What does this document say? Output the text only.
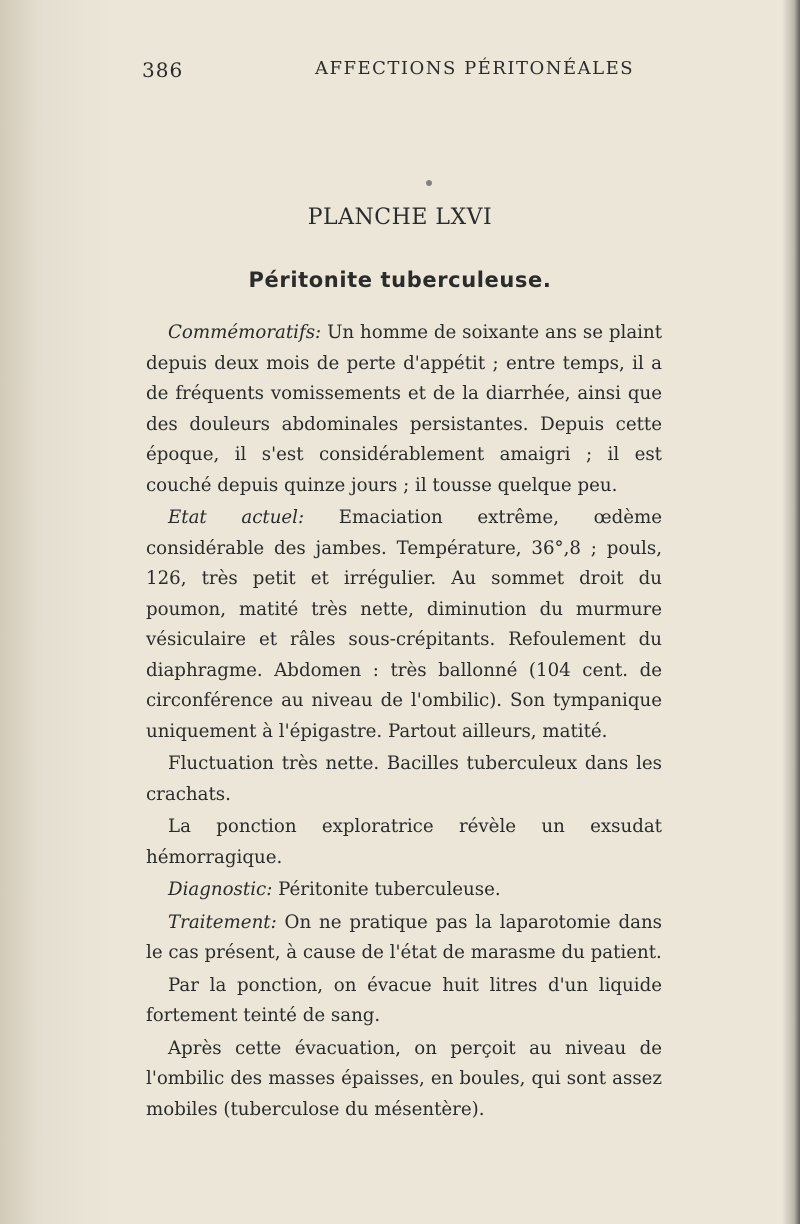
386	AFFECTIONS PÉRITONÉALES
PLANCHE LXVI
Péritonite tuberculeuse.

Commémoratifs: Un homme de soixante ans se plaint depuis deux mois de perte d'appétit ; entre temps, il a de fréquents vomissements et de la diarrhée, ainsi que des douleurs abdominales persistantes. Depuis cette époque, il s'est considérablement amaigri ; il est couché depuis quinze jours ; il tousse quelque peu.

Etat actuel: Emaciation extrême, œdème considérable des jambes. Température, 36°,8 ; pouls, 126, très petit et irrégulier. Au sommet droit du poumon, matité très nette, diminution du murmure vésiculaire et râles sous-crépitants. Refoulement du diaphragme. Abdomen : très ballonné (104 cent. de circonférence au niveau de l'ombilic). Son tympanique uniquement à l'épigastre. Partout ailleurs, matité.

Fluctuation très nette. Bacilles tuberculeux dans les crachats.

La ponction exploratrice révèle un exsudat hémorragique.

Diagnostic: Péritonite tuberculeuse.

Traitement: On ne pratique pas la laparotomie dans le cas présent, à cause de l'état de marasme du patient.

Par la ponction, on évacue huit litres d'un liquide fortement teinté de sang.

Après cette évacuation, on perçoit au niveau de l'ombilic des masses épaisses, en boules, qui sont assez mobiles (tuberculose du mésentère).
